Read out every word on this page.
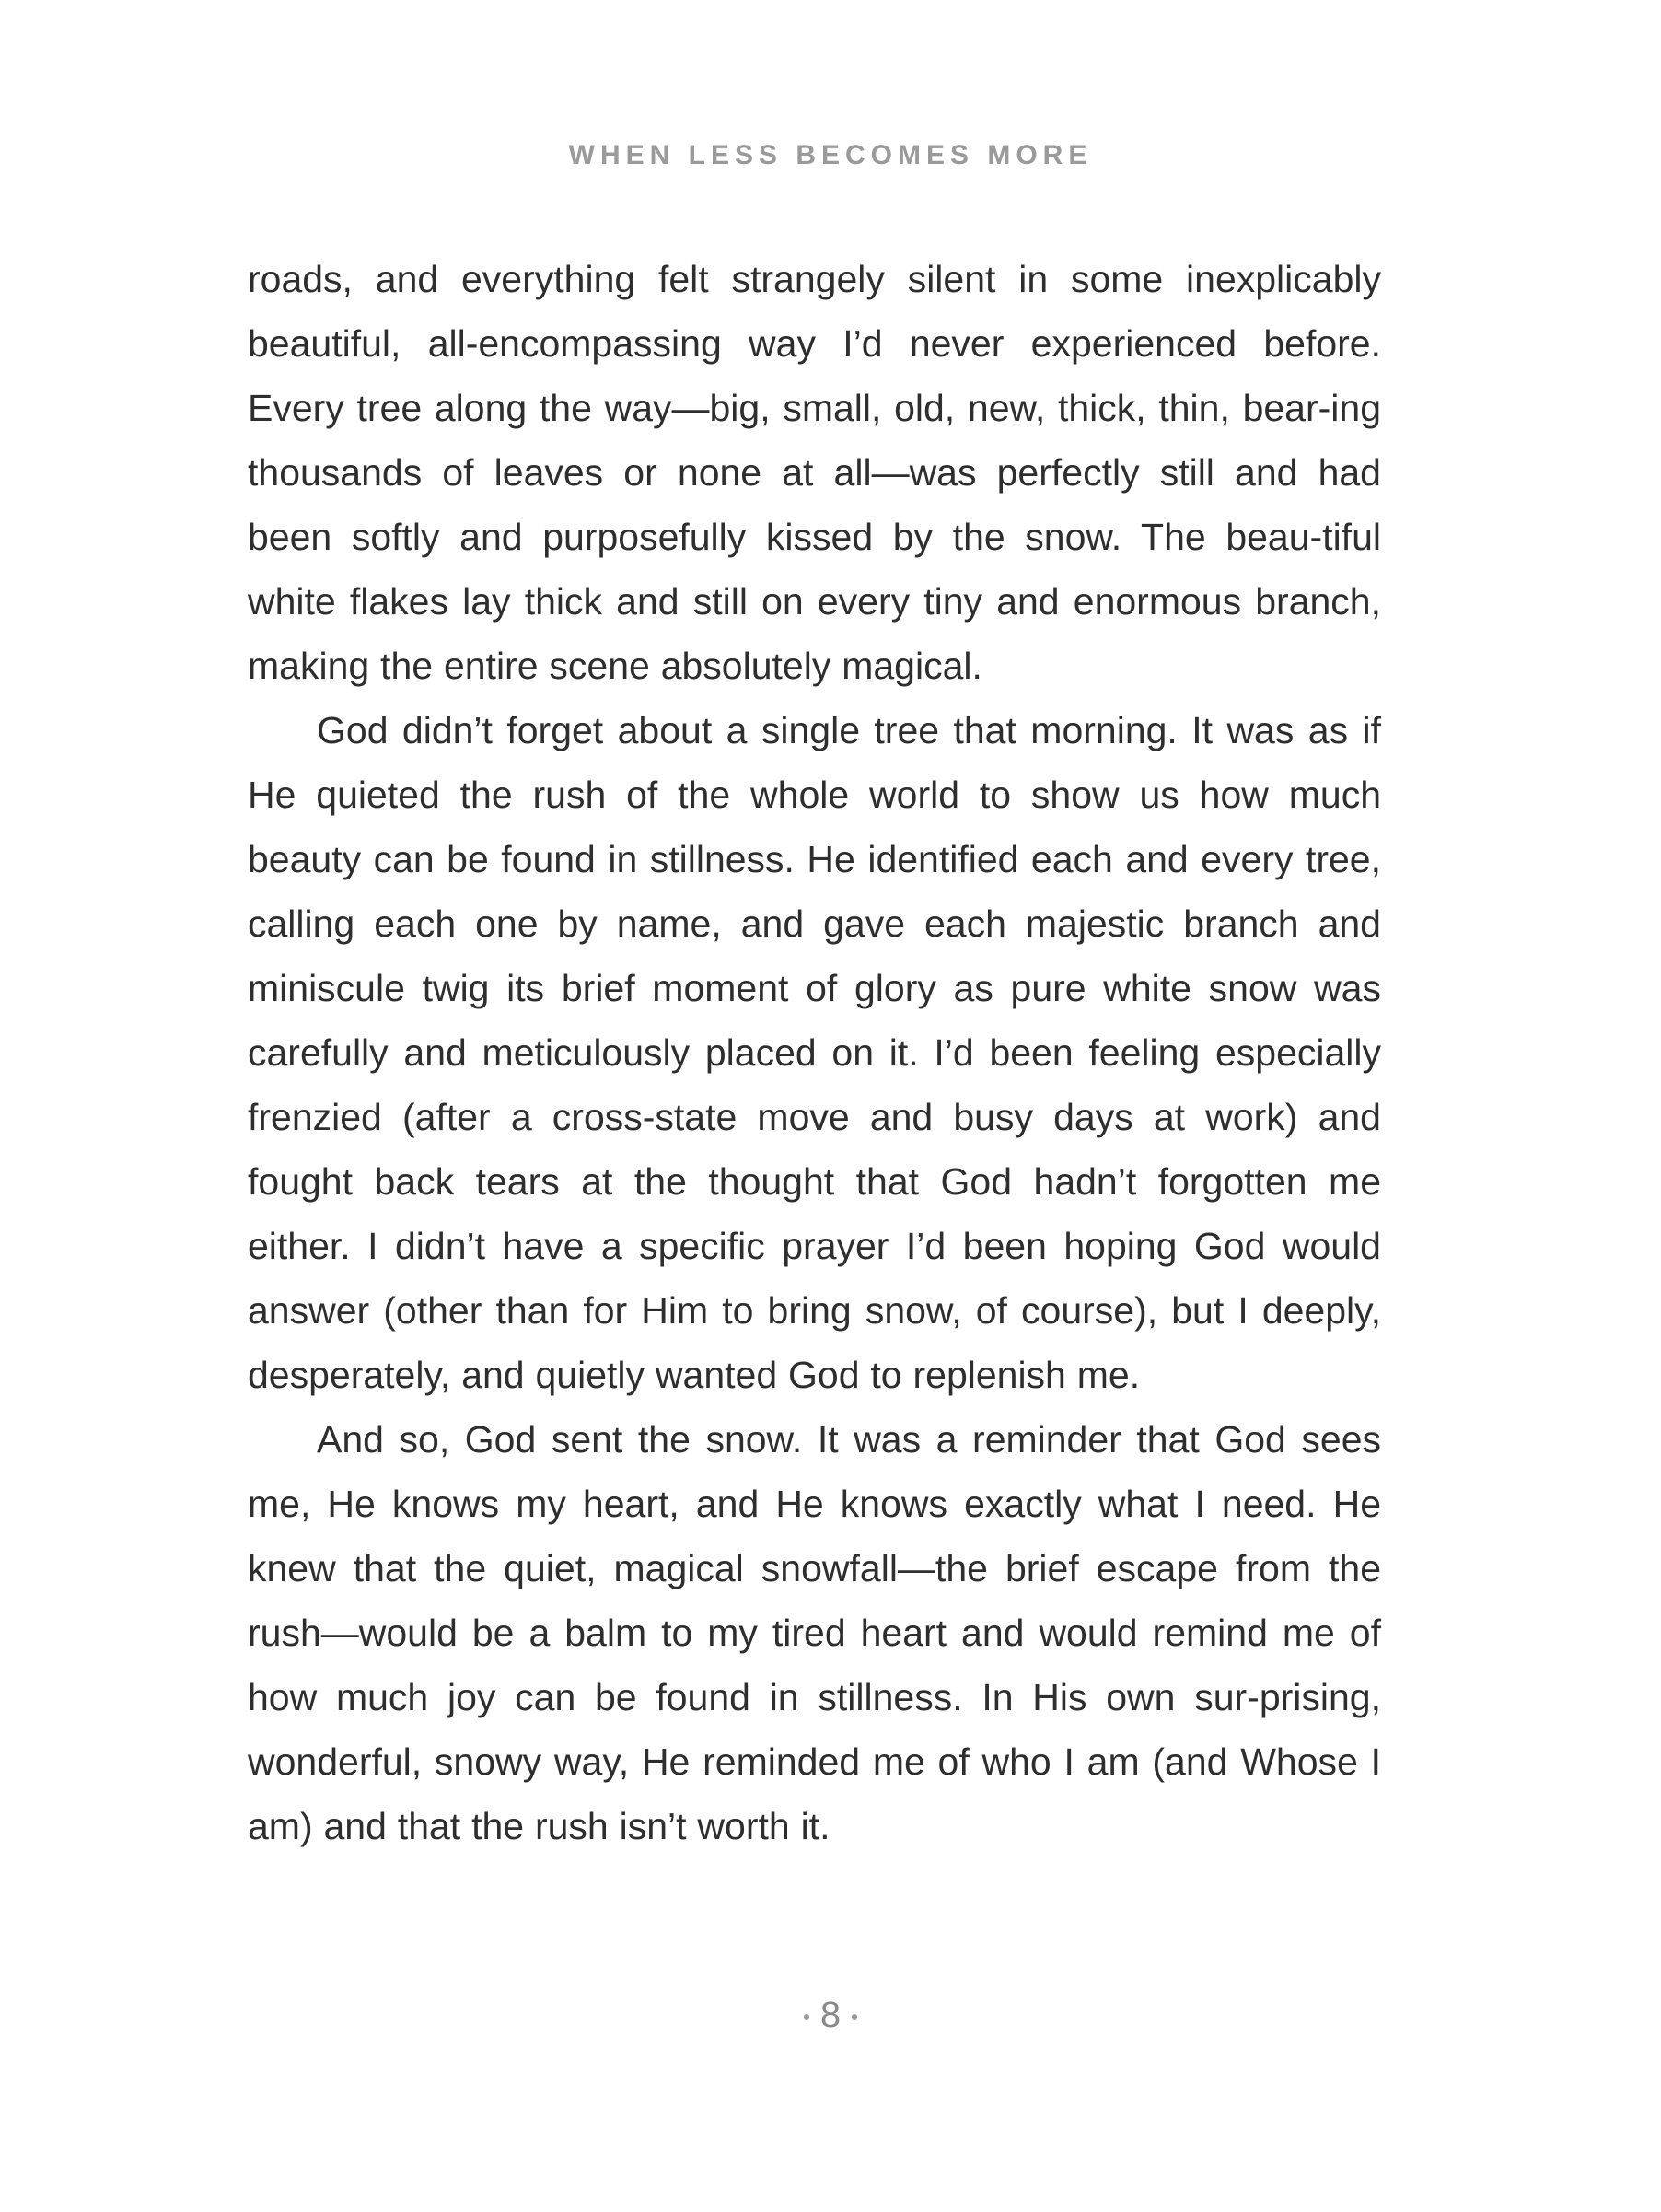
WHEN LESS BECOMES MORE

roads, and everything felt strangely silent in some inexplicably beautiful, all-encompassing way I’d never experienced before. Every tree along the way—big, small, old, new, thick, thin, bear-ing thousands of leaves or none at all—was perfectly still and had been softly and purposefully kissed by the snow. The beau-tiful white flakes lay thick and still on every tiny and enormous branch, making the entire scene absolutely magical.

God didn’t forget about a single tree that morning. It was as if He quieted the rush of the whole world to show us how much beauty can be found in stillness. He identified each and every tree, calling each one by name, and gave each majestic branch and miniscule twig its brief moment of glory as pure white snow was carefully and meticulously placed on it. I’d been feeling especially frenzied (after a cross-state move and busy days at work) and fought back tears at the thought that God hadn’t forgotten me either. I didn’t have a specific prayer I’d been hoping God would answer (other than for Him to bring snow, of course), but I deeply, desperately, and quietly wanted God to replenish me.

And so, God sent the snow. It was a reminder that God sees me, He knows my heart, and He knows exactly what I need. He knew that the quiet, magical snowfall—the brief escape from the rush—would be a balm to my tired heart and would remind me of how much joy can be found in stillness. In His own sur-prising, wonderful, snowy way, He reminded me of who I am (and Whose I am) and that the rush isn’t worth it.

8
